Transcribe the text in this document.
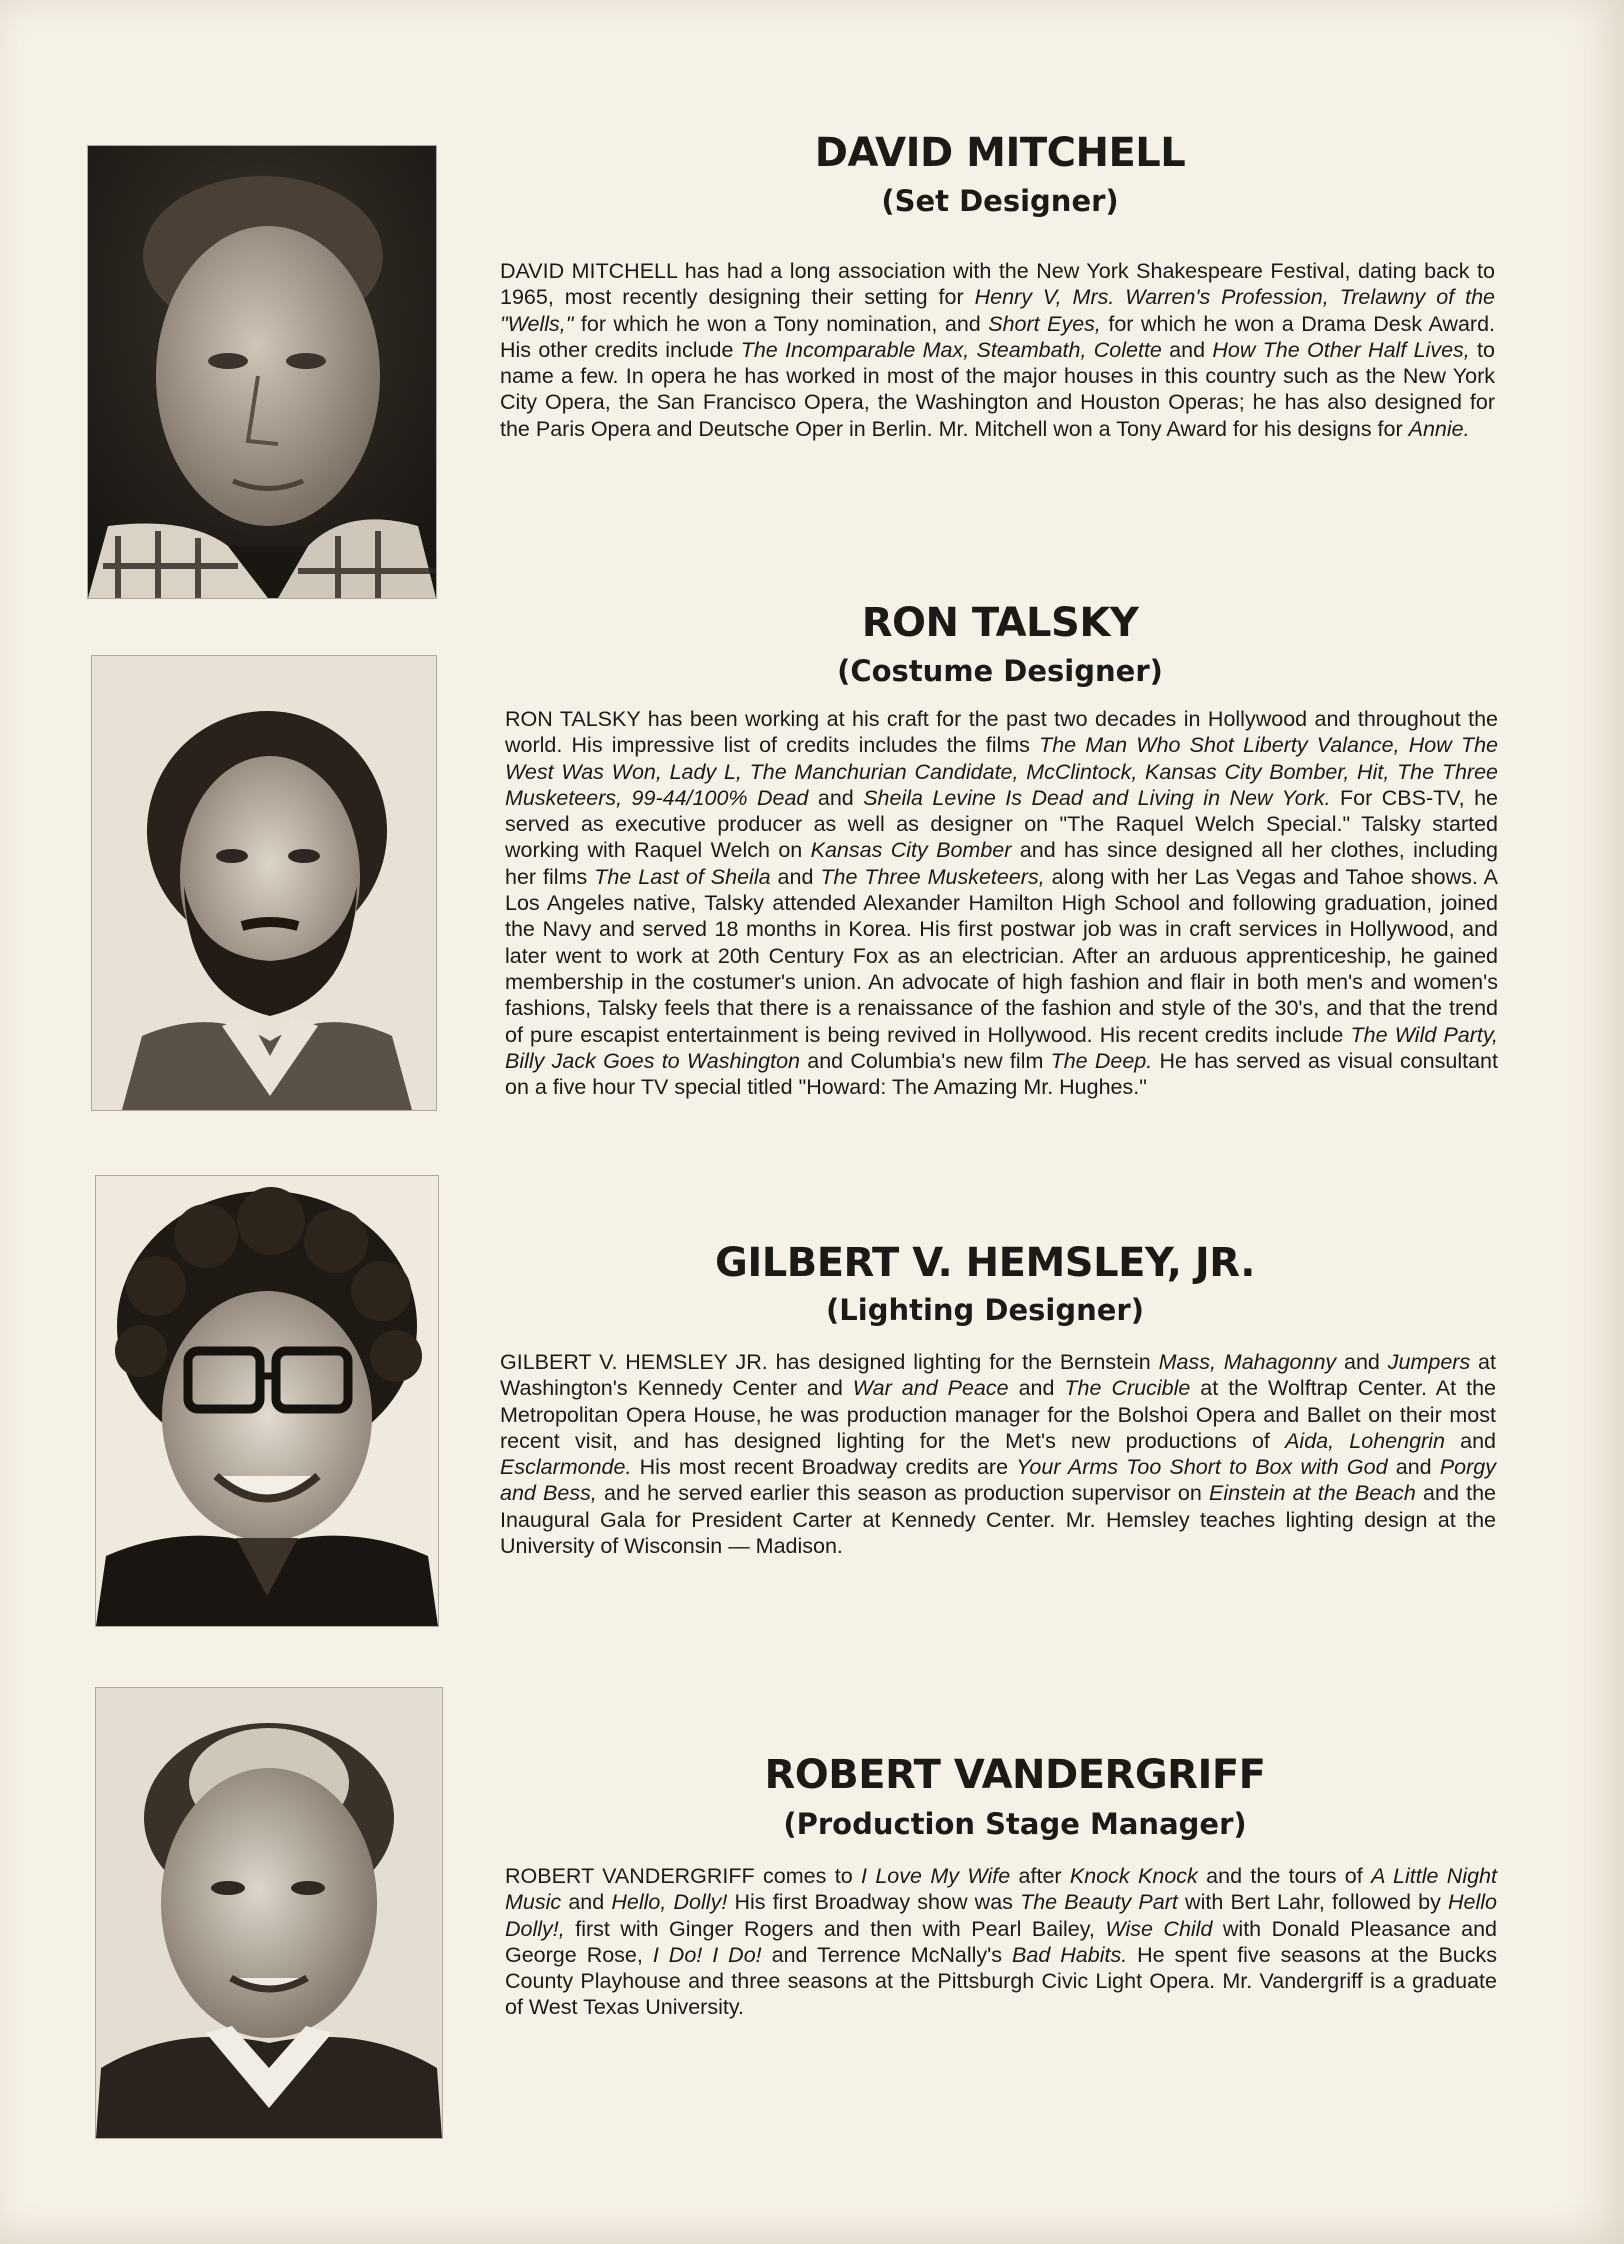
DAVID MITCHELL
(Set Designer)

DAVID MITCHELL has had a long association with the New York Shakespeare Festival, dating back to 1965, most recently designing their setting for Henry V, Mrs. Warren's Profession, Trelawny of the "Wells," for which he won a Tony nomination, and Short Eyes, for which he won a Drama Desk Award. His other credits include The Incomparable Max, Steambath, Colette and How The Other Half Lives, to name a few. In opera he has worked in most of the major houses in this country such as the New York City Opera, the San Francisco Opera, the Washington and Houston Operas; he has also designed for the Paris Opera and Deutsche Oper in Berlin. Mr. Mitchell won a Tony Award for his designs for Annie.

RON TALSKY
(Costume Designer)

RON TALSKY has been working at his craft for the past two decades in Hollywood and throughout the world. His impressive list of credits includes the films The Man Who Shot Liberty Valance, How The West Was Won, Lady L, The Manchurian Candidate, McClintock, Kansas City Bomber, Hit, The Three Musketeers, 99-44/100% Dead and Sheila Levine Is Dead and Living in New York. For CBS-TV, he served as executive producer as well as designer on "The Raquel Welch Special." Talsky started working with Raquel Welch on Kansas City Bomber and has since designed all her clothes, including her films The Last of Sheila and The Three Musketeers, along with her Las Vegas and Tahoe shows. A Los Angeles native, Talsky attended Alexander Hamilton High School and following graduation, joined the Navy and served 18 months in Korea. His first postwar job was in craft services in Hollywood, and later went to work at 20th Century Fox as an electrician. After an arduous apprenticeship, he gained membership in the costumer's union. An advocate of high fashion and flair in both men's and women's fashions, Talsky feels that there is a renaissance of the fashion and style of the 30's, and that the trend of pure escapist entertainment is being revived in Hollywood. His recent credits include The Wild Party, Billy Jack Goes to Washington and Columbia's new film The Deep. He has served as visual consultant on a five hour TV special titled "Howard: The Amazing Mr. Hughes."

GILBERT V. HEMSLEY, JR.
(Lighting Designer)

GILBERT V. HEMSLEY JR. has designed lighting for the Bernstein Mass, Mahagonny and Jumpers at Washington's Kennedy Center and War and Peace and The Crucible at the Wolftrap Center. At the Metropolitan Opera House, he was production manager for the Bolshoi Opera and Ballet on their most recent visit, and has designed lighting for the Met's new productions of Aida, Lohengrin and Esclarmonde. His most recent Broadway credits are Your Arms Too Short to Box with God and Porgy and Bess, and he served earlier this season as production supervisor on Einstein at the Beach and the Inaugural Gala for President Carter at Kennedy Center. Mr. Hemsley teaches lighting design at the University of Wisconsin — Madison.

ROBERT VANDERGRIFF
(Production Stage Manager)

ROBERT VANDERGRIFF comes to I Love My Wife after Knock Knock and the tours of A Little Night Music and Hello, Dolly! His first Broadway show was The Beauty Part with Bert Lahr, followed by Hello Dolly!, first with Ginger Rogers and then with Pearl Bailey, Wise Child with Donald Pleasance and George Rose, I Do! I Do! and Terrence McNally's Bad Habits. He spent five seasons at the Bucks County Playhouse and three seasons at the Pittsburgh Civic Light Opera. Mr. Vandergriff is a graduate of West Texas University.
